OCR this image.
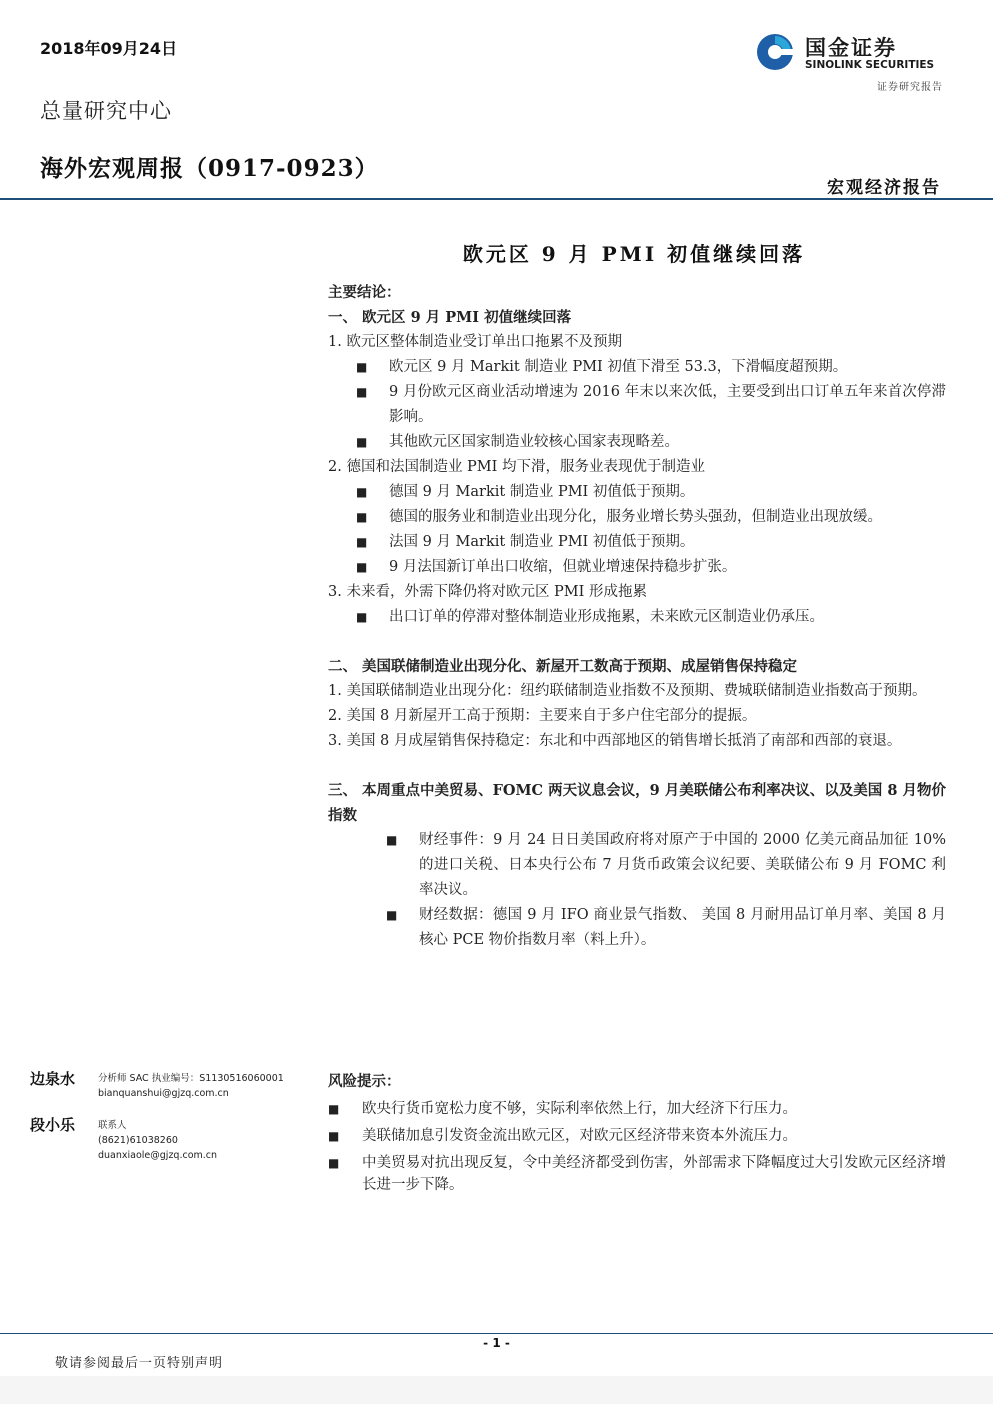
2018年09月24日
总量研究中心
海外宏观周报（0917-0923）
宏观经济报告
国金证券
SINOLINK SECURITIES
证券研究报告
欧元区 9 月 PMI 初值继续回落

主要结论：

一、 欧元区 9 月 PMI 初值继续回落

1. 欧元区整体制造业受订单出口拖累不及预期

■	欧元区 9 月 Markit 制造业 PMI 初值下滑至 53.3，下滑幅度超预期。
■	9 月份欧元区商业活动增速为 2016 年末以来次低，主要受到出口订单五年来首次停滞影响。
■	其他欧元区国家制造业较核心国家表现略差。

2. 德国和法国制造业 PMI 均下滑，服务业表现优于制造业

■	德国 9 月 Markit 制造业 PMI 初值低于预期。
■	德国的服务业和制造业出现分化，服务业增长势头强劲，但制造业出现放缓。
■	法国 9 月 Markit 制造业 PMI 初值低于预期。
■	9 月法国新订单出口收缩，但就业增速保持稳步扩张。

3. 未来看，外需下降仍将对欧元区 PMI 形成拖累

■	出口订单的停滞对整体制造业形成拖累，未来欧元区制造业仍承压。

二、 美国联储制造业出现分化、新屋开工数高于预期、成屋销售保持稳定

1. 美国联储制造业出现分化：纽约联储制造业指数不及预期、费城联储制造业指数高于预期。

2. 美国 8 月新屋开工高于预期：主要来自于多户住宅部分的提振。

3. 美国 8 月成屋销售保持稳定：东北和中西部地区的销售增长抵消了南部和西部的衰退。

三、 本周重点中美贸易、FOMC 两天议息会议，9 月美联储公布利率决议、以及美国 8 月物价指数

■	财经事件：9 月 24 日日美国政府将对原产于中国的 2000 亿美元商品加征 10%的进口关税、日本央行公布 7 月货币政策会议纪要、美联储公布 9 月 FOMC 利率决议。
■	财经数据：德国 9 月 IFO 商业景气指数、 美国 8 月耐用品订单月率、美国 8 月核心 PCE 物价指数月率（料上升）。
边泉水 分析师 SAC 执业编号：S1130516060001
bianquanshui@gjzq.com.cn
段小乐 联系人
(8621)61038260
duanxiaole@gjzq.com.cn
风险提示：
■	欧央行货币宽松力度不够，实际利率依然上行，加大经济下行压力。
■	美联储加息引发资金流出欧元区，对欧元区经济带来资本外流压力。
■	中美贸易对抗出现反复，令中美经济都受到伤害，外部需求下降幅度过大引发欧元区经济增长进一步下降。
- 1 -
敬请参阅最后一页特别声明
